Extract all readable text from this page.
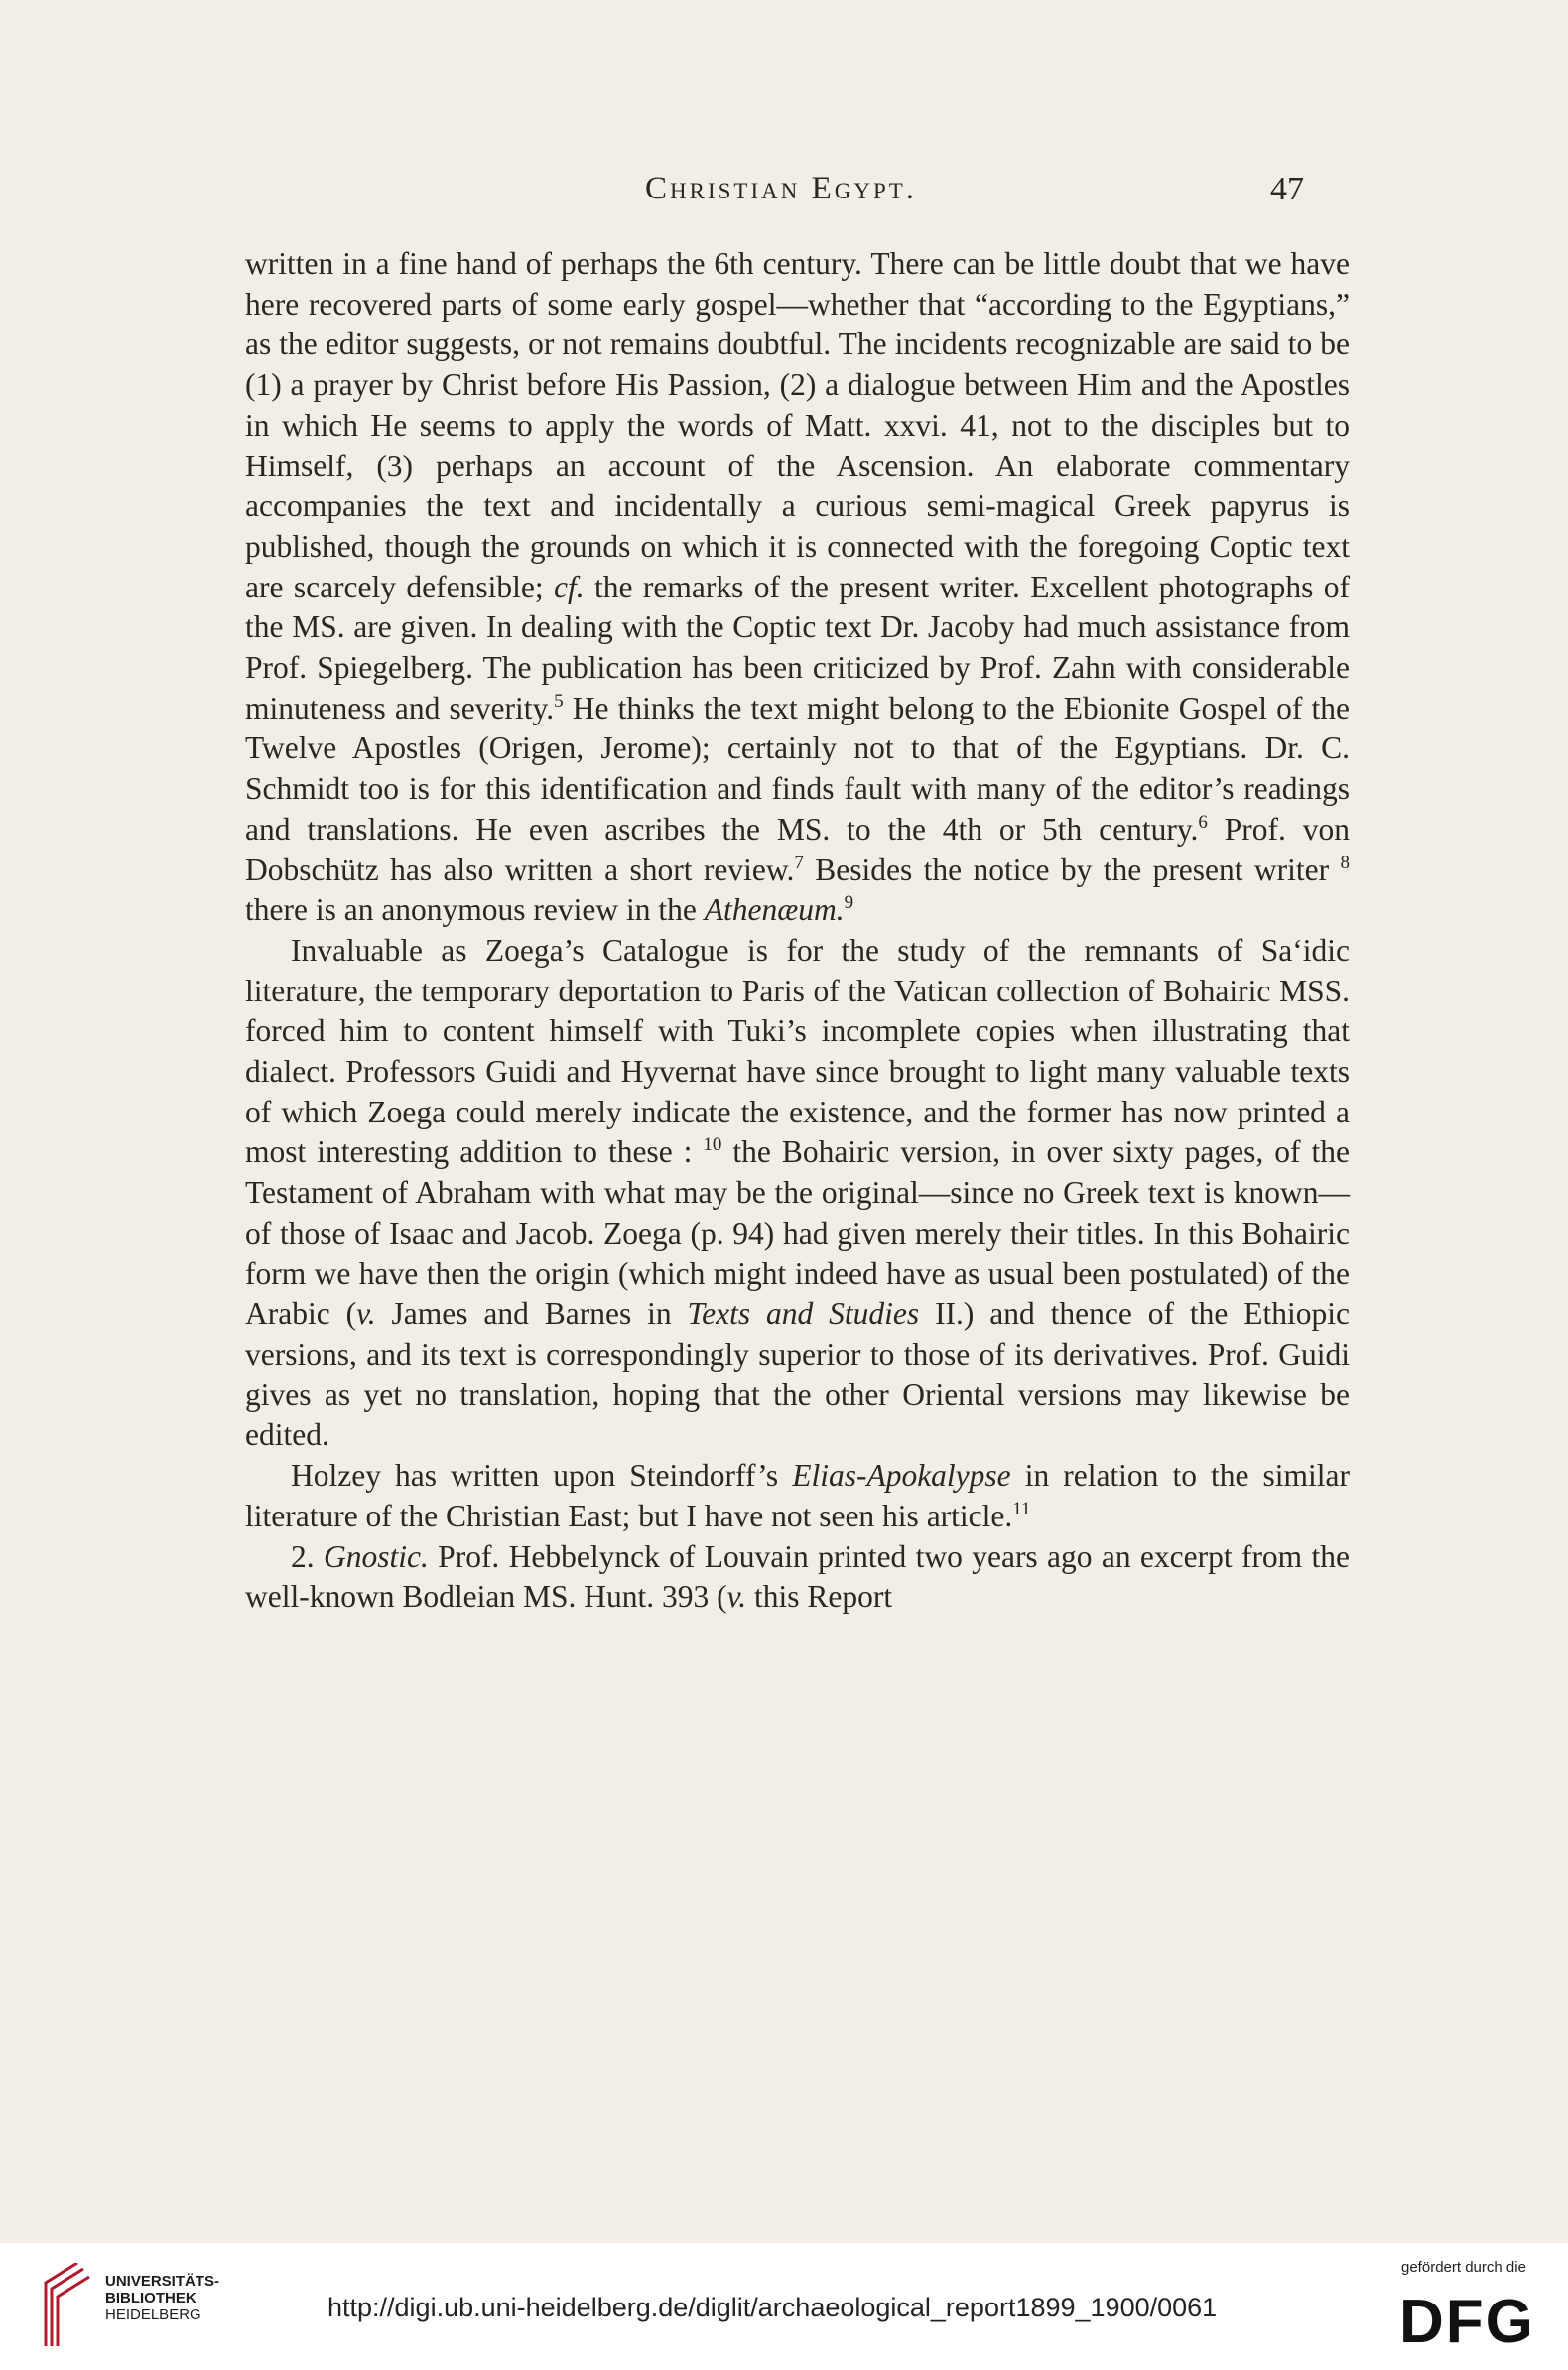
Christian Egypt.	47

written in a fine hand of perhaps the 6th century. There can be little doubt that we have here recovered parts of some early gospel—whether that “according to the Egyptians,” as the editor suggests, or not remains doubtful. The incidents recognizable are said to be (1) a prayer by Christ before His Passion, (2) a dialogue between Him and the Apostles in which He seems to apply the words of Matt. xxvi. 41, not to the disciples but to Himself, (3) perhaps an account of the Ascension. An elaborate commentary accompanies the text and incidentally a curious semi-magical Greek papyrus is published, though the grounds on which it is connected with the foregoing Coptic text are scarcely defensible; cf. the remarks of the present writer. Excellent photographs of the MS. are given. In dealing with the Coptic text Dr. Jacoby had much assistance from Prof. Spiegelberg. The publication has been criticized by Prof. Zahn with considerable minuteness and severity.$^5$ He thinks the text might belong to the Ebionite Gospel of the Twelve Apostles (Origen, Jerome); certainly not to that of the Egyptians. Dr. C. Schmidt too is for this identification and finds fault with many of the editor’s readings and translations. He even ascribes the MS. to the 4th or 5th century.$^6$ Prof. von Dobschütz has also written a short review.$^7$ Besides the notice by the present writer $^8$ there is an anonymous review in the Athenæum.$^9$

Invaluable as Zoega’s Catalogue is for the study of the remnants of Sa‘idic literature, the temporary deportation to Paris of the Vatican collection of Bohairic MSS. forced him to content himself with Tuki’s incomplete copies when illustrating that dialect. Professors Guidi and Hyvernat have since brought to light many valuable texts of which Zoega could merely indicate the existence, and the former has now printed a most interesting addition to these : $^{10}$ the Bohairic version, in over sixty pages, of the Testament of Abraham with what may be the original—since no Greek text is known—of those of Isaac and Jacob. Zoega (p. 94) had given merely their titles. In this Bohairic form we have then the origin (which might indeed have as usual been postulated) of the Arabic (v. James and Barnes in Texts and Studies II.) and thence of the Ethiopic versions, and its text is correspondingly superior to those of its derivatives. Prof. Guidi gives as yet no translation, hoping that the other Oriental versions may likewise be edited.

Holzey has written upon Steindorff’s Elias-Apokalypse in relation to the similar literature of the Christian East; but I have not seen his article.$^{11}$

2. Gnostic. Prof. Hebbelynck of Louvain printed two years ago an excerpt from the well-known Bodleian MS. Hunt. 393 (v. this Report

UNIVERSITÄTS-
BIBLIOTHEK
HEIDELBERG	http://digi.ub.uni-heidelberg.de/diglit/archaeological_report1899_1900/0061
gefördert durch die
DFG
